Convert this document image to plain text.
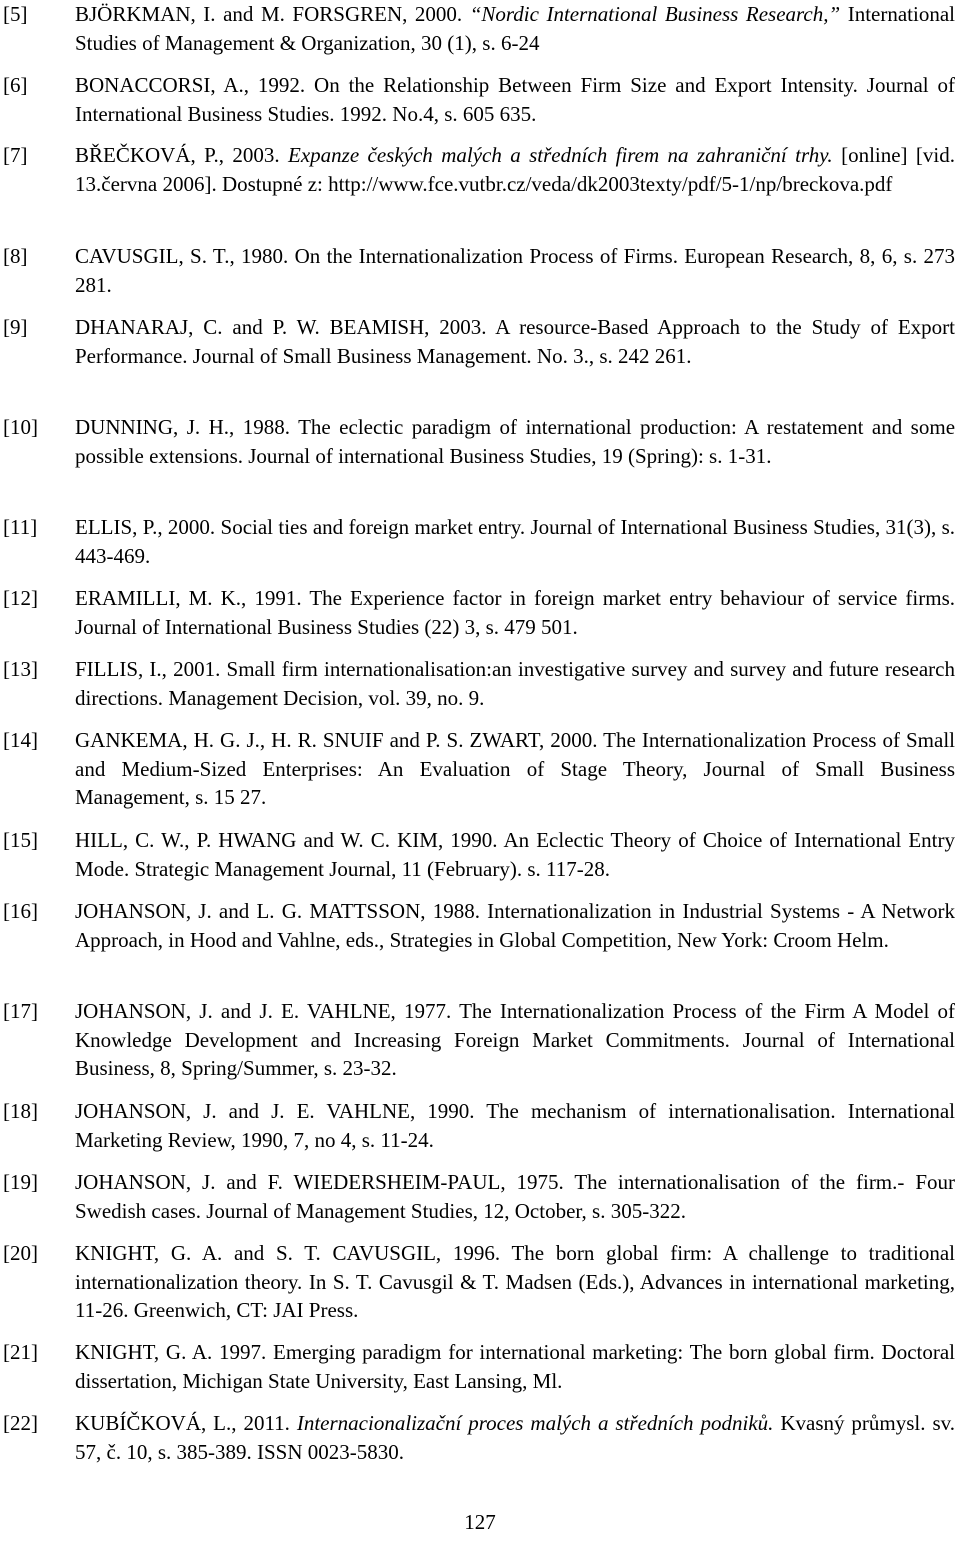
[5] BJÖRKMAN, I. and M. FORSGREN, 2000. “Nordic International Business Research,” International Studies of Management & Organization, 30 (1), s. 6-24
[6] BONACCORSI, A., 1992. On the Relationship Between Firm Size and Export Intensity. Journal of International Business Studies. 1992. No.4, s. 605 635.
[7] BŘEČKOVÁ, P., 2003. Expanze českých malých a středních firem na zahraniční trhy. [online] [vid. 13.června 2006]. Dostupné z: http://www.fce.vutbr.cz/veda/dk2003texty/pdf/5-1/np/breckova.pdf
[8] CAVUSGIL, S. T., 1980. On the Internationalization Process of Firms. European Research, 8, 6, s. 273 281.
[9] DHANARAJ, C. and P. W. BEAMISH, 2003. A resource-Based Approach to the Study of Export Performance. Journal of Small Business Management. No. 3., s. 242 261.
[10] DUNNING, J. H., 1988. The eclectic paradigm of international production: A restatement and some possible extensions. Journal of international Business Studies, 19 (Spring): s. 1-31.
[11] ELLIS, P., 2000. Social ties and foreign market entry. Journal of International Business Studies, 31(3), s. 443-469.
[12] ERAMILLI, M. K., 1991. The Experience factor in foreign market entry behaviour of service firms. Journal of International Business Studies (22) 3, s. 479 501.
[13] FILLIS, I., 2001. Small firm internationalisation:an investigative survey and survey and future research directions. Management Decision, vol. 39, no. 9.
[14] GANKEMA, H. G. J., H. R. SNUIF and P. S. ZWART, 2000. The Internationalization Process of Small and Medium-Sized Enterprises: An Evaluation of Stage Theory, Journal of Small Business Management, s. 15 27.
[15] HILL, C. W., P. HWANG and W. C. KIM, 1990. An Eclectic Theory of Choice of International Entry Mode. Strategic Management Journal, 11 (February). s. 117-28.
[16] JOHANSON, J. and L. G. MATTSSON, 1988. Internationalization in Industrial Systems - A Network Approach, in Hood and Vahlne, eds., Strategies in Global Competition, New York: Croom Helm.
[17] JOHANSON, J. and J. E. VAHLNE, 1977. The Internationalization Process of the Firm A Model of Knowledge Development and Increasing Foreign Market Commitments. Journal of International Business, 8, Spring/Summer, s. 23-32.
[18] JOHANSON, J. and J. E. VAHLNE, 1990. The mechanism of internationalisation. International Marketing Review, 1990, 7, no 4, s. 11-24.
[19] JOHANSON, J. and F. WIEDERSHEIM-PAUL, 1975. The internationalisation of the firm.- Four Swedish cases. Journal of Management Studies, 12, October, s. 305-322.
[20] KNIGHT, G. A. and S. T. CAVUSGIL, 1996. The born global firm: A challenge to traditional internationalization theory. In S. T. Cavusgil & T. Madsen (Eds.), Advances in international marketing, 11-26. Greenwich, CT: JAI Press.
[21] KNIGHT, G. A. 1997. Emerging paradigm for international marketing: The born global firm. Doctoral dissertation, Michigan State University, East Lansing, Ml.
[22] KUBÍČKOVÁ, L., 2011. Internacionalizační proces malých a středních podniků. Kvasný průmysl. sv. 57, č. 10, s. 385-389. ISSN 0023-5830.
127
